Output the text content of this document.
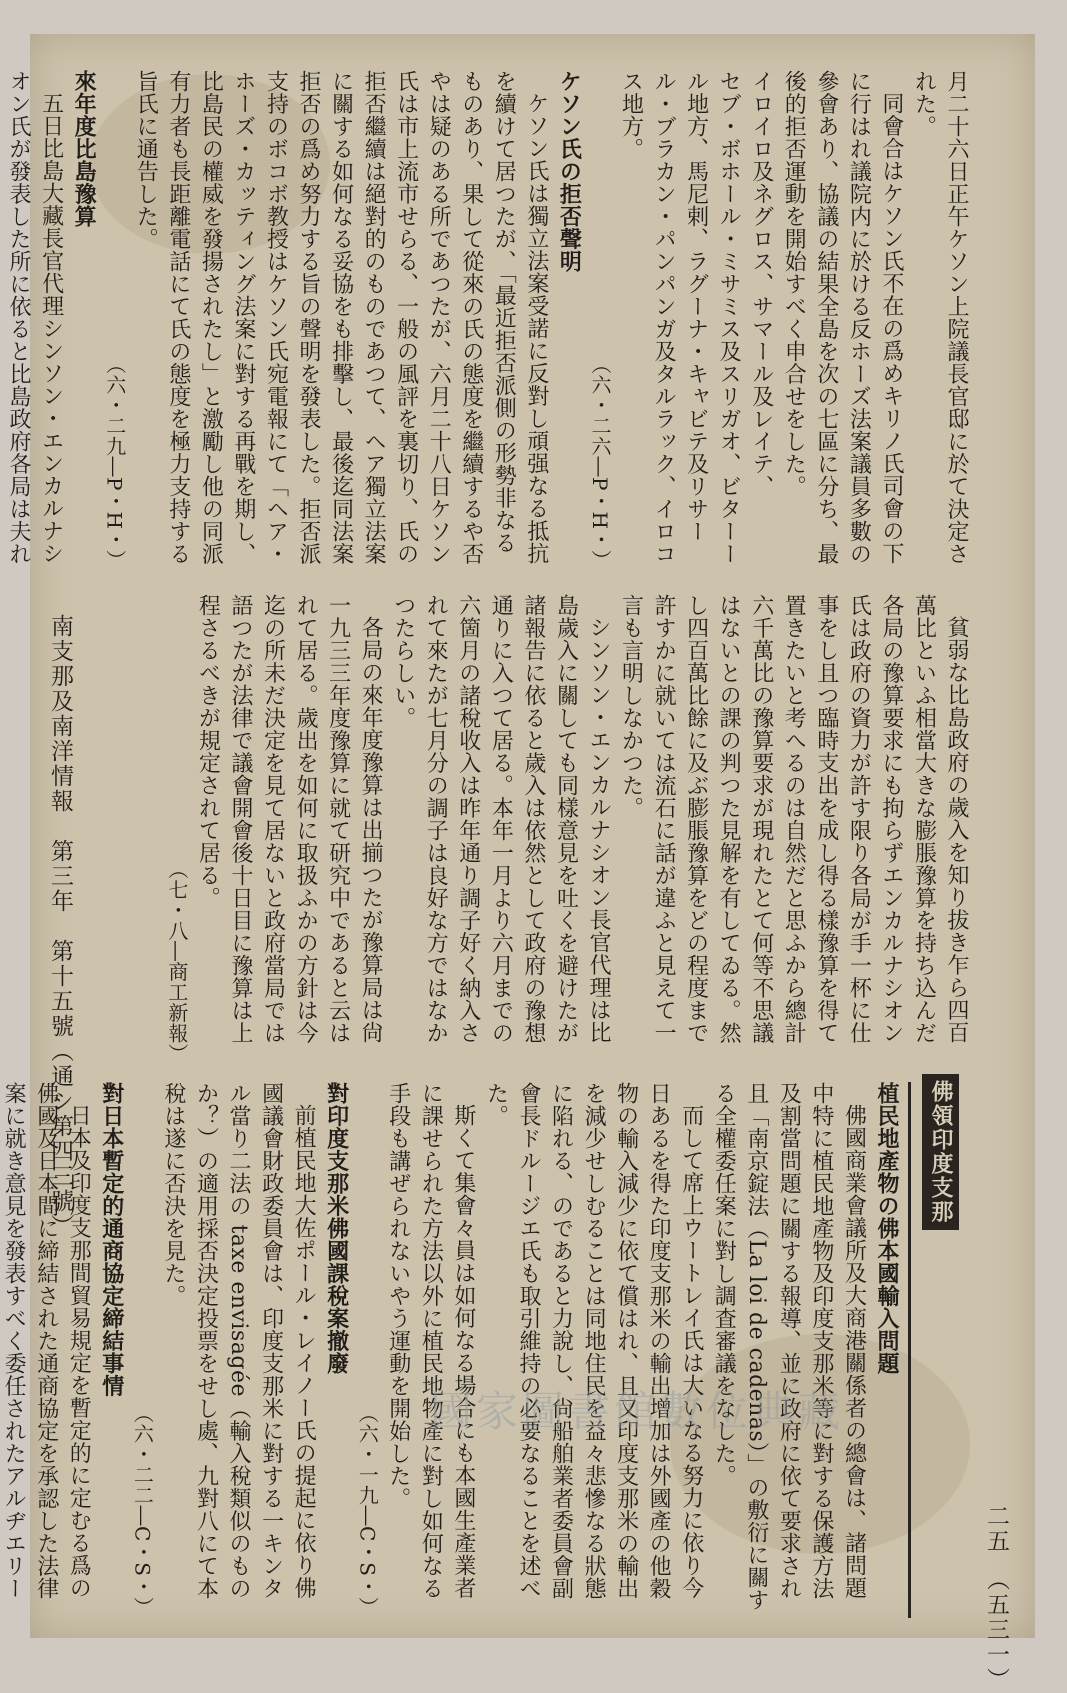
二五　（五三一）
南支那及南洋情報　第三年　第十五號（通シ第四三號）

月二十六日正午ケソン上院議長官邸に於て決定された。

同會合はケソン氏不在の爲めキリノ氏司會の下に行はれ議院内に於ける反ホーズ法案議員多數の參會あり、協議の結果全島を次の七區に分ち、最後的拒否運動を開始すべく申合せをした。

イロイロ及ネグロス、サマール及レイテ、

セブ・ボホール・ミサミス及スリガオ、ビターール地方、馬尼剌、ラグーナ・キャビテ及リサール・ブラカン・パンパンガ及タルラック、イロコス地方。

（六・二六―P・H・）

ケソン氏の拒否聲明

ケソン氏は獨立法案受諾に反對し頑强なる抵抗を續けて居つたが、「最近拒否派側の形勢非なるものあり、果して從來の氏の態度を繼續するや否やは疑のある所であつたが、六月二十八日ケソン氏は市上流市せらる、一般の風評を裏切り、氏の拒否繼續は絕對的のものであつて、ヘア獨立法案に關する如何なる妥協をも排擊し、最後迄同法案拒否の爲め努力する旨の聲明を發表した。拒否派支持のボコボ教授はケソン氏宛電報にて「ヘア・ホーズ・カッティング法案に對する再戰を期し、比島民の權威を發揚されたし」と激勵し他の同派有力者も長距離電話にて氏の態度を極力支持する旨氏に通告した。

（六・二九―P・H・）

來年度比島豫算

五日比島大藏長官代理シンソン・エンカルナシオン氏が發表した所に依ると比島政府各局は夫れ

貧弱な比島政府の歲入を知り拔き乍ら四百萬比といふ相當大きな膨脹豫算を持ち込んだ各局の豫算要求にも拘らずエンカルナシオン氏は政府の資力が許す限り各局が手一杯に仕事をし且つ臨時支出を成し得る樣豫算を得て置きたいと考へるのは自然だと思ふから總計六千萬比の豫算要求が現れたとて何等不思議はないとの課の判つた見解を有してゐる。然し四百萬比餘に及ぶ膨脹豫算をどの程度まで許すかに就いては流石に話が違ふと見えて一言も言明しなかつた。

シンソン・エンカルナシオン長官代理は比島歲入に關しても同樣意見を吐くを避けたが諸報告に依ると歲入は依然として政府の豫想通りに入つて居る。本年一月より六月までの六箇月の諸稅收入は昨年通り調子好く納入されて來たが七月分の調子は良好な方ではなかつたらしい。

各局の來年度豫算は出揃つたが豫算局は尙一九三三年度豫算に就て研究中であると云はれて居る。歲出を如何に取扱ふかの方針は今迄の所未だ決定を見て居ないと政府當局では語つたが法律で議會開會後十日目に豫算は上程さるべきが規定されて居る。

（七・八―商工新報）

佛領印度支那

植民地產物の佛本國輸入問題

佛國商業會議所及大商港關係者の總會は、諸問題中特に植民地產物及印度支那米等に對する保護方法及割當問題に關する報導、並に政府に依て要求され且「南京錠法（La loi de cadenas）」の敷衍に關する全權委任案に對し調査審議をなした。

而して席上ウートレイ氏は大いなる努力に依り今日あるを得た印度支那米の輸出增加は外國產の他穀物の輸入減少に依て償はれ、且又印度支那米の輸出を減少せしむることは同地住民を益々悲慘なる狀態に陷れる、のであると力說し、尙船舶業者委員會副會長ドルージエ氏も取引維持の必要なることを述べた。

斯くて集會々員は如何なる場合にも本國生產業者に課せられた方法以外に植民地物產に對し如何なる手段も講ぜられないやう運動を開始した。

（六・一九―C・S・）

對印度支那米佛國課稅案撤廢

前植民地大佐ポール・レイノー氏の提起に依り佛國議會財政委員會は、印度支那米に對する一キンタル當り二法の taxe envisagée（輸入稅類似のものか？）の適用採否決定投票をせし處、九對八にて本稅は遂に否決を見た。

（六・二二―C・S・）

對日本暫定的通商協定締結事情

日本及印度支那間貿易規定を暫定的に定むる爲の佛國及日本間に締結された通商協定を承認した法律案に就き意見を發表すべく委任されたアルヂエリー

國家圖書館數位典藏
